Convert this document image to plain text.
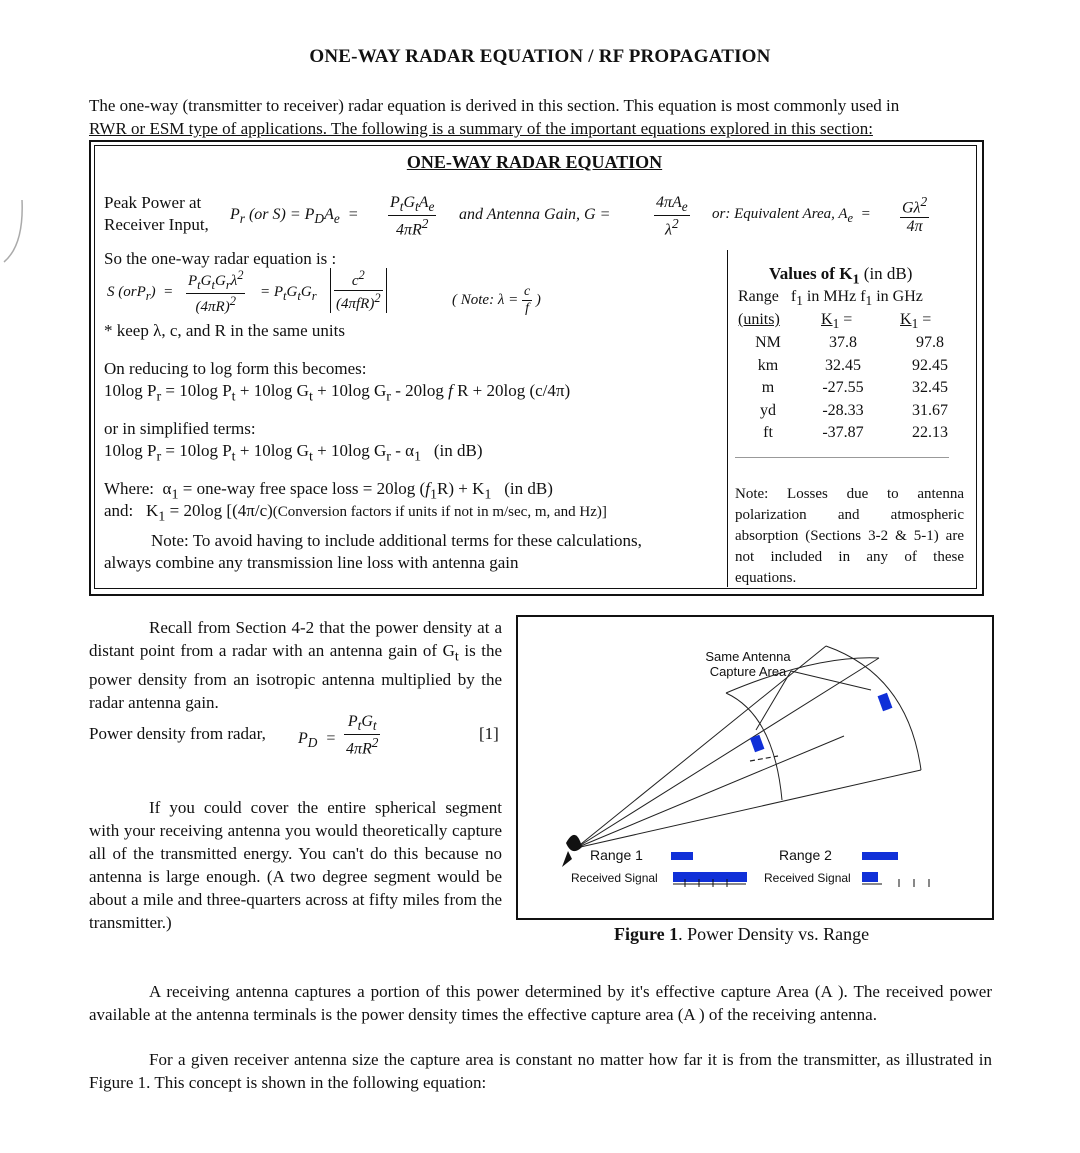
ONE-WAY RADAR EQUATION / RF PROPAGATION
The one-way (transmitter to receiver) radar equation is derived in this section. This equation is most commonly used in
RWR or ESM type of applications. The following is a summary of the important equations explored in this section:
ONE-WAY RADAR EQUATION
Peak Power at
Receiver Input,
$P_r$ (or $S) = P_DA_e$  =
$P_tG_tA_e$
$4\pi R^2$
and Antenna Gain, G =
$4\pi A_e$
$\lambda^2$
or: Equivalent Area, $A_e = \frac{G\lambda^2}{4\pi}$
So the one-way radar equation is :
S (orP$_r$)  =
$P_tG_tG_r\lambda^2$
$(4\pi R)^2$
= $P_tG_tG_r$
$c^2$
$(4\pi fR)^2$	( Note: $\lambda = \frac{c}{f}$ )
* keep λ, c, and R in the same units
On reducing to log form this becomes:
10log $P_r = 10\log$ $P_t + 10\log$ $G_t + 10\log$ $G_r - 20\log$ f R + 20log (c/4π)
or in simplified terms:
10log $P_r = 10\log$ $P_t + 10\log$ $G_t + 10\log$ $G_r - \alpha_1$   (in dB)
Where:  $\alpha_1 = one-way$ free space loss = 20log $(f_1R) + K_1$   (in dB)
and:   $K_1 = 20\log$ [(4π/c)(Conversion factors if units if not in m/sec, m, and Hz)]
Note: To avoid having to include additional terms for these calculations,
always combine any transmission line loss with antenna gain
Values of $K_1$ (in dB)
Range $f_1$ in MHz $f_1$ in GHz
(units)	$K_1$ =	$K_1$ =
NM	37.8	97.8
km	32.45	92.45
m	-27.55	32.45
yd	-28.33	31.67
ft	-37.87	22.13
Note: Losses due to antenna polarization and atmospheric absorption (Sections 3-2 & 5-1) are not included in any of these equations.
Recall from Section 4-2 that the power density at a distant point from a radar with an antenna gain of $G_t$ is the power density from an isotropic antenna multiplied by the radar antenna gain.
Power density from radar, $P_D$  =
$P_tG_t$
$4\pi R^2$	[1]
If you could cover the entire spherical segment with your receiving antenna you would theoretically capture all of the transmitted energy. You can't do this because no antenna is large enough. (A two degree segment would be about a mile and three-quarters across at fifty miles from the transmitter.)
Same Antenna
Capture Area
Range 1
Received Signal
Range 2
Received Signal
Figure 1. Power Density vs. Range
A receiving antenna captures a portion of this power determined by it's effective capture Area (A ). The received power available at the antenna terminals is the power density times the effective capture area (A ) of the receiving antenna.
For a given receiver antenna size the capture area is constant no matter how far it is from the transmitter, as illustrated in Figure 1. This concept is shown in the following equation:
